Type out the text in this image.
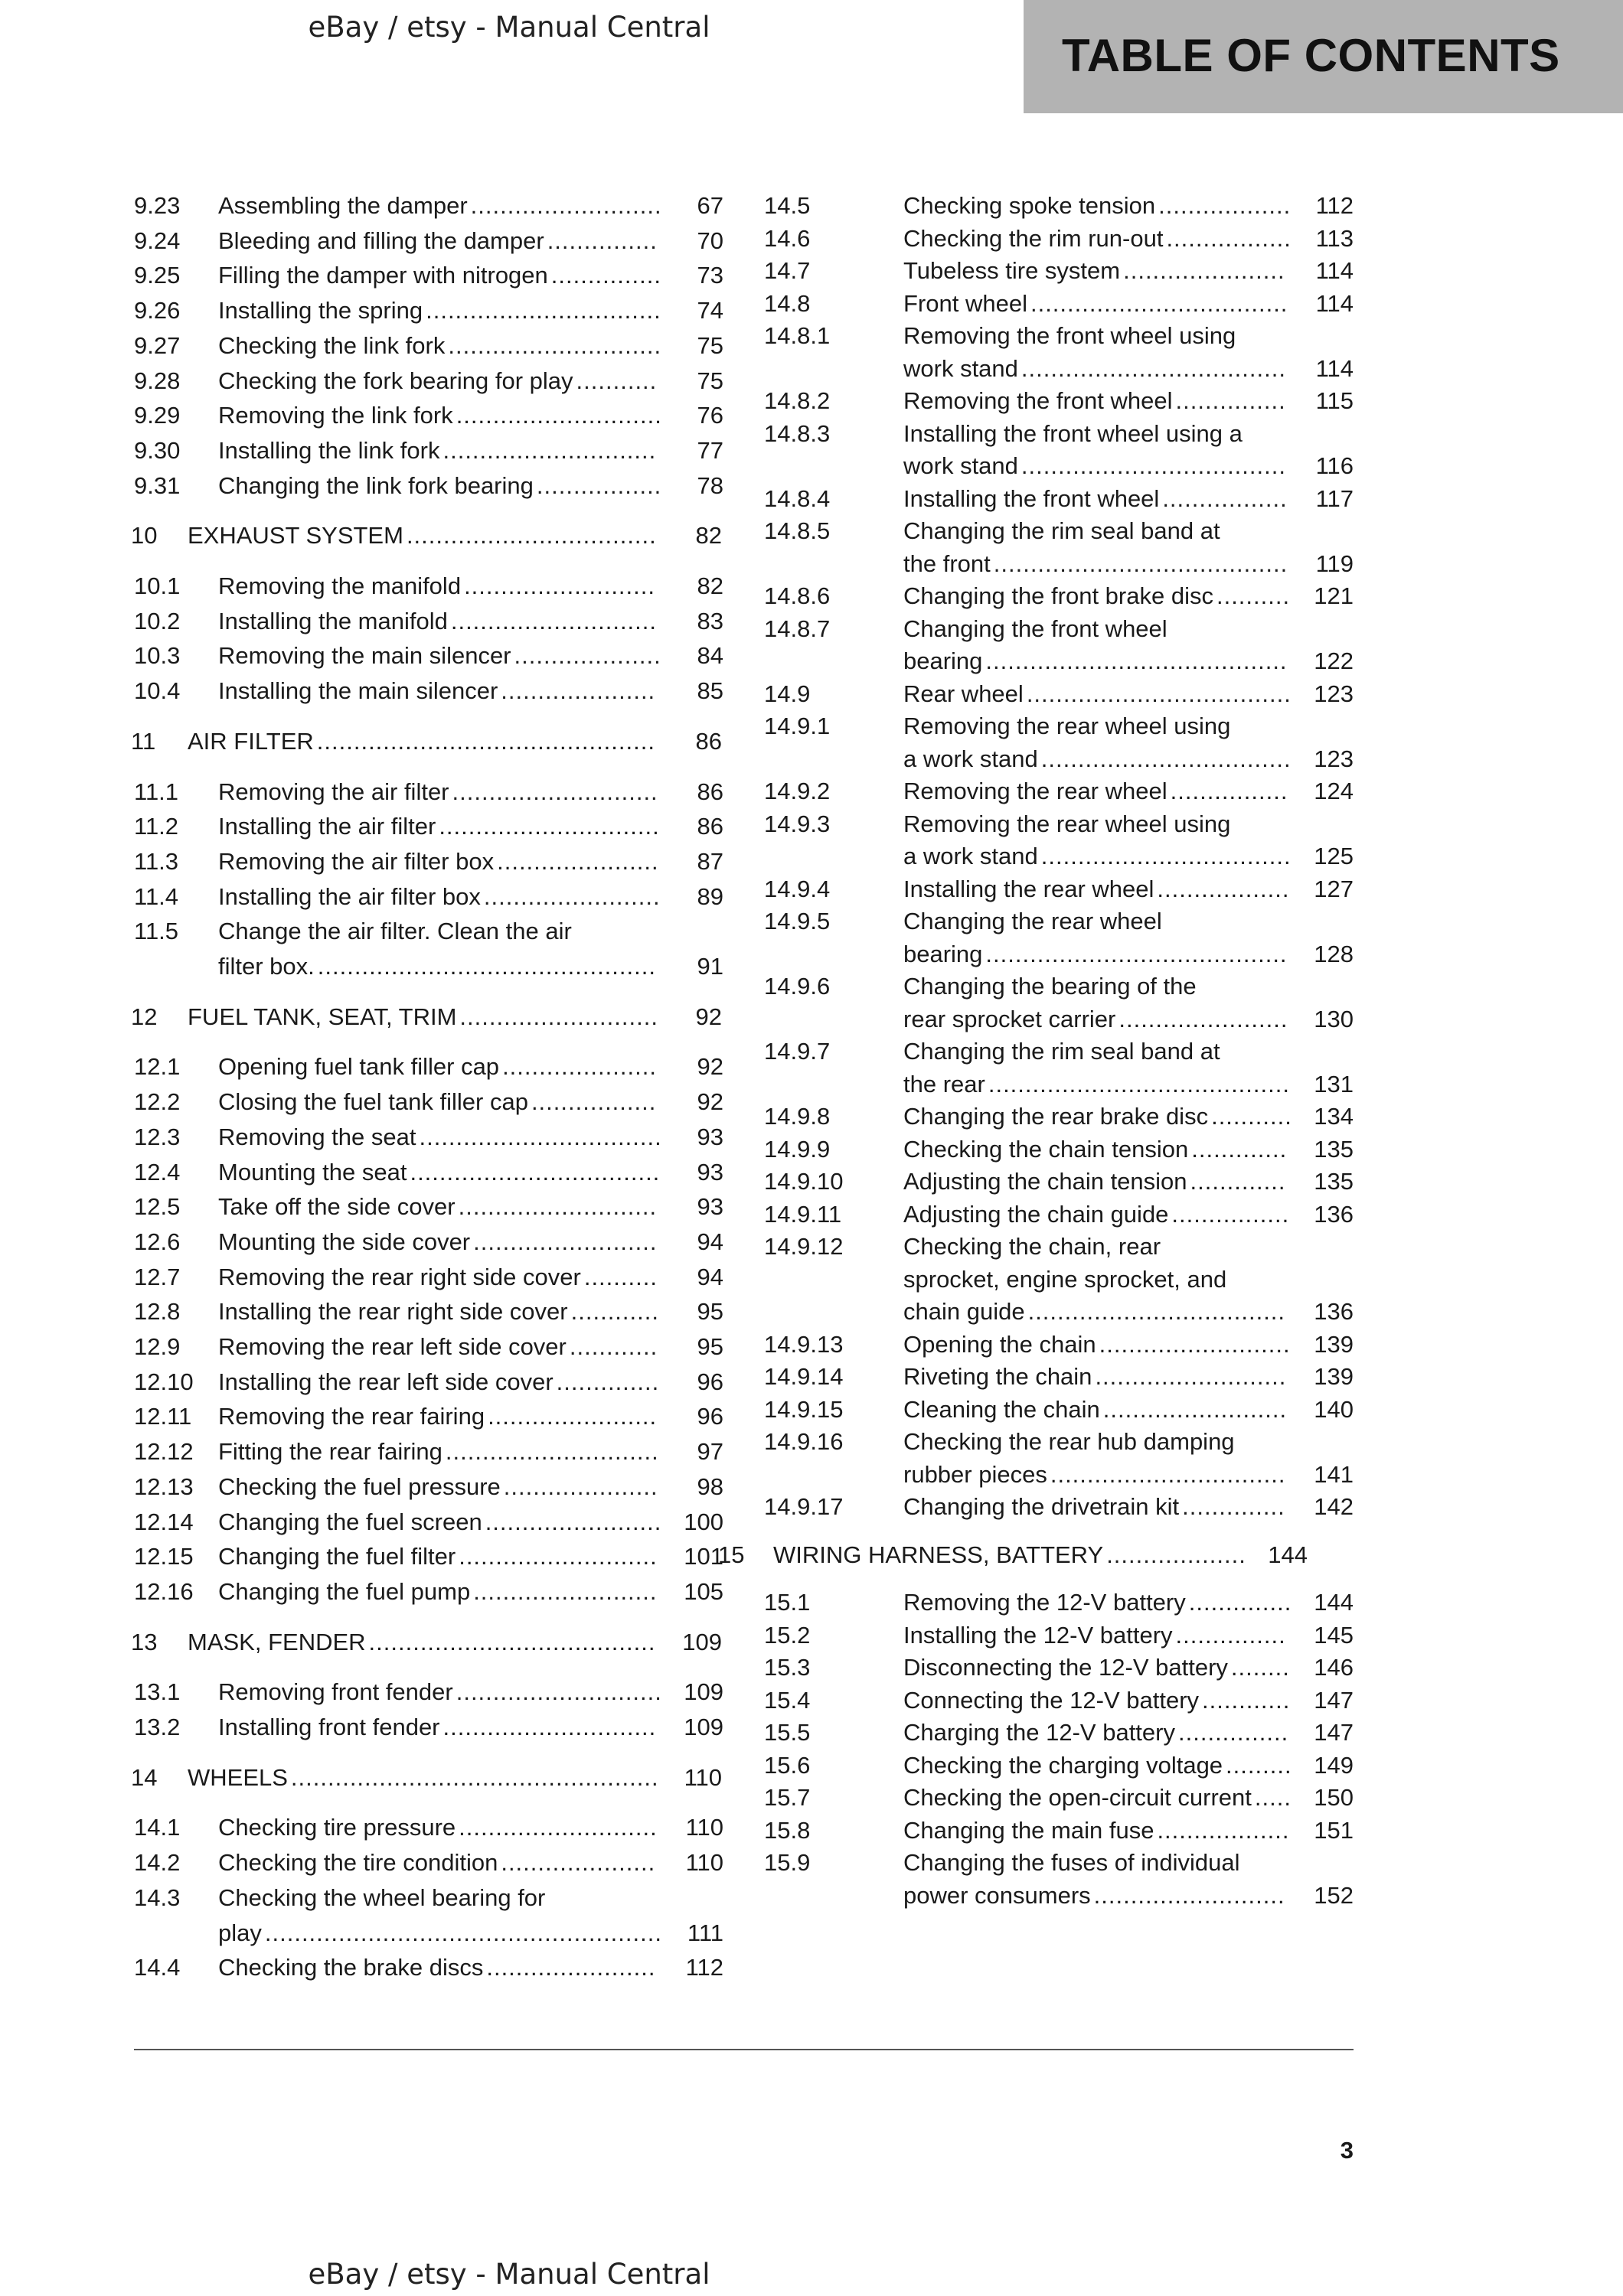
eBay / etsy - Manual Central
TABLE OF CONTENTS
9.23 Assembling the damper ..........................	67
9.24 Bleeding and filling the damper ...............	70
9.25 Filling the damper with nitrogen ...............	73
9.26 Installing the spring ................................	74
9.27 Checking the link fork .............................	75
9.28 Checking the fork bearing for play ...........	75
9.29 Removing the link fork ............................	76
9.30 Installing the link fork .............................	77
9.31 Changing the link fork bearing .................	78
10 EXHAUST SYSTEM ..................................	82
10.1 Removing the manifold ..........................	82
10.2 Installing the manifold ............................	83
10.3 Removing the main silencer ....................	84
10.4 Installing the main silencer .....................	85
11 AIR FILTER ..............................................	86
11.1 Removing the air filter ............................	86
11.2 Installing the air filter ..............................	86
11.3 Removing the air filter box ......................	87
11.4 Installing the air filter box ........................	89
11.5 Change the air filter. Clean the air
filter box. ..............................................	91
12 FUEL TANK, SEAT, TRIM ...........................	92
12.1 Opening fuel tank filler cap .....................	92
12.2 Closing the fuel tank filler cap .................	92
12.3 Removing the seat .................................	93
12.4 Mounting the seat ..................................	93
12.5 Take off the side cover ...........................	93
12.6 Mounting the side cover .........................	94
12.7 Removing the rear right side cover ..........	94
12.8 Installing the rear right side cover ............	95
12.9 Removing the rear left side cover ............	95
12.10 Installing the rear left side cover ..............	96
12.11 Removing the rear fairing .......................	96
12.12 Fitting the rear fairing .............................	97
12.13 Checking the fuel pressure .....................	98
12.14 Changing the fuel screen ........................ 100
12.15 Changing the fuel filter ...........................	101
12.16 Changing the fuel pump .........................	105
13 MASK, FENDER .......................................	109
13.1 Removing front fender ............................ 109
13.2 Installing front fender .............................	109
14 WHEELS ..................................................	110
14.1 Checking tire pressure ...........................	110
14.2 Checking the tire condition .....................	110
14.3 Checking the wheel bearing for
play ......................................................	111
14.4 Checking the brake discs .......................	112
14.5	Checking spoke tension ..................	112
14.6	Checking the rim run-out .................	113
14.7	Tubeless tire system ......................	114
14.8	Front wheel ...................................	114
14.8.1	Removing the front wheel using
work stand ....................................	114
14.8.2	Removing the front wheel ...............	115
14.8.3	Installing the front wheel using a
work stand ....................................	116
14.8.4	Installing the front wheel .................	117
14.8.5	Changing the rim seal band at
the front ........................................	119
14.8.6	Changing the front brake disc ..........	121
14.8.7	Changing the front wheel
bearing .........................................	122
14.9	Rear wheel .................................... 123
14.9.1	Removing the rear wheel using
a work stand .................................. 123
14.9.2	Removing the rear wheel ................	124
14.9.3	Removing the rear wheel using
a work stand .................................. 125
14.9.4	Installing the rear wheel ..................	127
14.9.5	Changing the rear wheel
bearing .........................................	128
14.9.6	Changing the bearing of the
rear sprocket carrier .......................	130
14.9.7	Changing the rim seal band at
the rear .........................................	131
14.9.8	Changing the rear brake disc ........... 134
14.9.9	Checking the chain tension .............	135
14.9.10	Adjusting the chain tension .............	135
14.9.11	Adjusting the chain guide ................	136
14.9.12	Checking the chain, rear
sprocket, engine sprocket, and
chain guide ...................................	136
14.9.13	Opening the chain .......................... 139
14.9.14	Riveting the chain ..........................	139
14.9.15	Cleaning the chain .........................	140
14.9.16	Checking the rear hub damping
rubber pieces ................................	141
14.9.17	Changing the drivetrain kit ..............	142
15 WIRING HARNESS, BATTERY ................... 144
15.1	Removing the 12-V battery .............. 144
15.2	Installing the 12-V battery ...............	145
15.3	Disconnecting the 12-V battery ........	146
15.4	Connecting the 12-V battery ............ 147
15.5	Charging the 12-V battery ...............	147
15.6	Checking the charging voltage ......... 149
15.7	Checking the open-circuit current ..... 150
15.8	Changing the main fuse ..................	151
15.9	Changing the fuses of individual
power consumers ..........................	152
3
eBay / etsy - Manual Central
